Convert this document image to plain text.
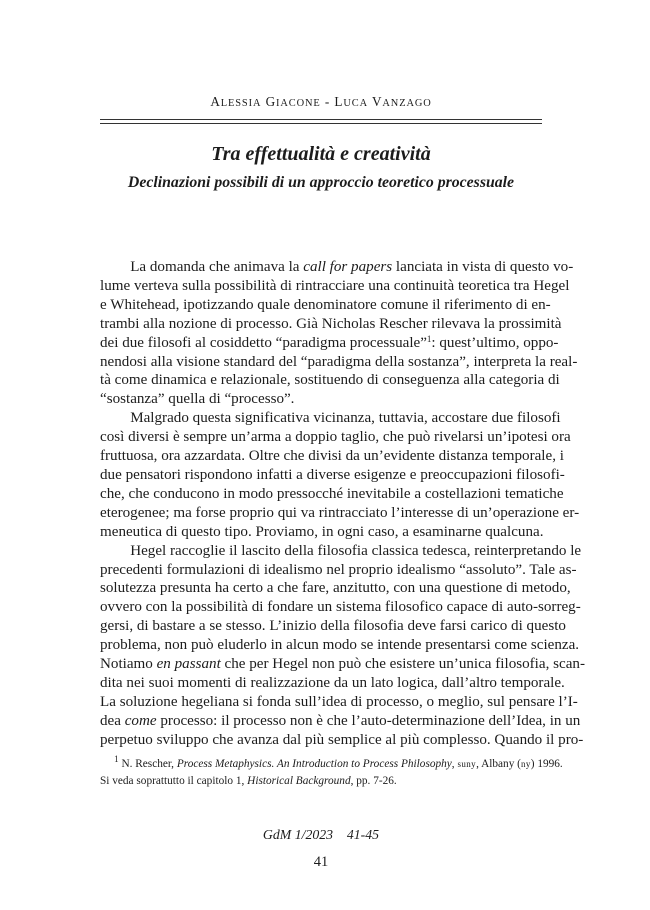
ALESSIA GIACONE - LUCA VANZAGO
Tra effettualità e creatività
Declinazioni possibili di un approccio teoretico processuale
  La domanda che animava la call for papers lanciata in vista di questo vo-
lume verteva sulla possibilità di rintracciare una continuità teoretica tra Hegel
e Whitehead, ipotizzando quale denominatore comune il riferimento di en-
trambi alla nozione di processo. Già Nicholas Rescher rilevava la prossimità
dei due filosofi al cosiddetto “paradigma processuale”$^1$: quest’ultimo, oppo-
nendosi alla visione standard del “paradigma della sostanza”, interpreta la real-
tà come dinamica e relazionale, sostituendo di conseguenza alla categoria di
“sostanza” quella di “processo”.
  Malgrado questa significativa vicinanza, tuttavia, accostare due filosofi
così diversi è sempre un’arma a doppio taglio, che può rivelarsi un’ipotesi ora
fruttuosa, ora azzardata. Oltre che divisi da un’evidente distanza temporale, i
due pensatori rispondono infatti a diverse esigenze e preoccupazioni filosofi-
che, che conducono in modo pressocché inevitabile a costellazioni tematiche
eterogenee; ma forse proprio qui va rintracciato l’interesse di un’operazione er-
meneutica di questo tipo. Proviamo, in ogni caso, a esaminarne qualcuna.
  Hegel raccoglie il lascito della filosofia classica tedesca, reinterpretando le
precedenti formulazioni di idealismo nel proprio idealismo “assoluto”. Tale as-
solutezza presunta ha certo a che fare, anzitutto, con una questione di metodo,
ovvero con la possibilità di fondare un sistema filosofico capace di auto-sorreg-
gersi, di bastare a se stesso. L’inizio della filosofia deve farsi carico di questo
problema, non può eluderlo in alcun modo se intende presentarsi come scienza.
Notiamo en passant che per Hegel non può che esistere un’unica filosofia, scan-
dita nei suoi momenti di realizzazione da un lato logica, dall’altro temporale.
La soluzione hegeliana si fonda sull’idea di processo, o meglio, sul pensare l’I-
dea come processo: il processo non è che l’auto-determinazione dell’Idea, in un
perpetuo sviluppo che avanza dal più semplice al più complesso. Quando il pro-
$^1$ N. Rescher, Process Metaphysics. An Introduction to Process Philosophy, suny, Albany (ny) 1996.
Si veda soprattutto il capitolo 1, Historical Background, pp. 7-26.
GdM 1/2023 41-45
41
